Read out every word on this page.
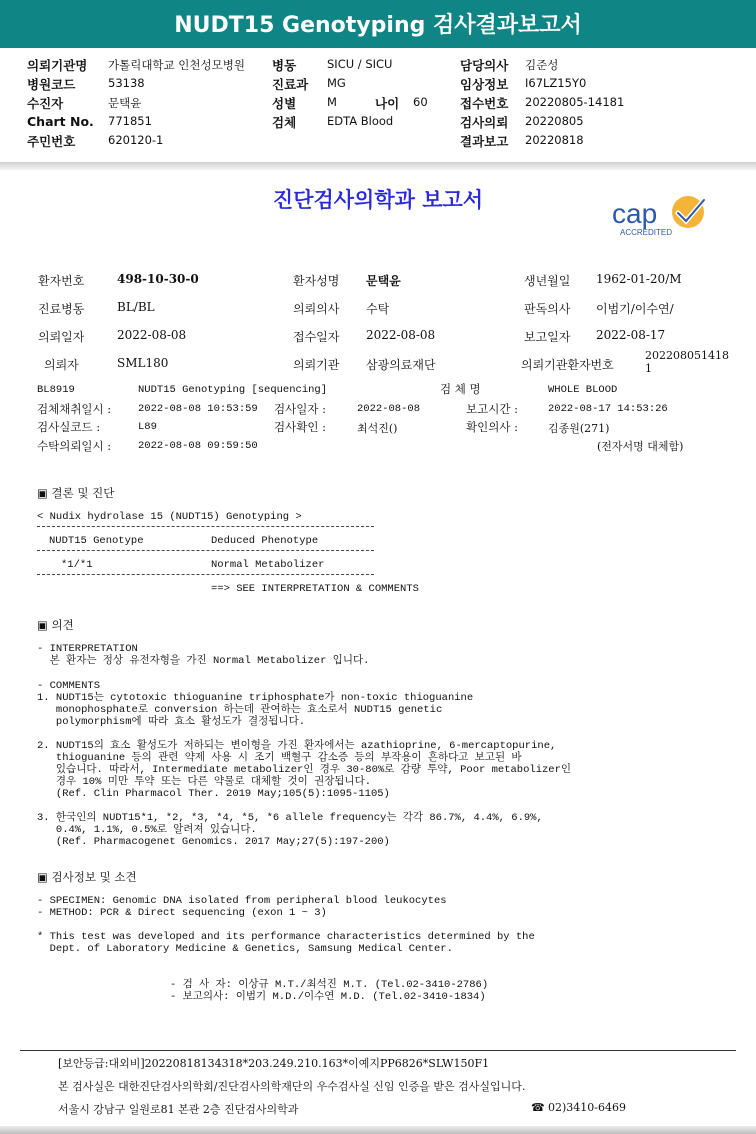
NUDT15 Genotyping 검사결과보고서
의뢰기관명 가톨릭대학교 인천성모병원
병원코드	53138
수진자	문택윤
Chart No. 771851
주민번호	620120-1
병동	SICU / SICU
진료과 MG
성별	M	나이 60
검체	EDTA Blood
담당의사 김준성
임상정보 I67LZ15Y0
접수번호 20220805-14181
검사의뢰 20220805
결과보고 20220818
진단검사의학과 보고서	cap
ACCREDITED
환자번호	498-10-30-0	환자성명 문택윤	생년월일 1962-01-20/M
진료병동	BL/BL	의뢰의사 수탁	판독의사 이범기/이수연/
의뢰일자	2022-08-08	접수일자 2022-08-08	보고일자 2022-08-17
의뢰자	SML180	의뢰기관 삼광의료재단	의뢰기관환자번호
202208051418
1
BL8919	NUDT15 Genotyping [sequencing]	검 체 명	WHOLE BLOOD
검체채취일시 :	2022-08-08 10:53:59 검사일자 :	2022-08-08	보고시간 :	2022-08-17 14:53:26
검사실코드 :	L89	검사확인 :	최석진()	확인의사 :	김종원(271)
수탁의뢰일시 :	2022-08-08 09:59:50	(전자서명 대체함)
▣ 결론 및 진단
< Nudix hydrolase 15 (NUDT15) Genotyping >
NUDT15 Genotype	Deduced Phenotype
*1/*1	Normal Metabolizer
==> SEE INTERPRETATION & COMMENTS
▣ 의견
- INTERPRETATION
본 환자는 정상 유전자형을 가진 Normal Metabolizer 입니다.
- COMMENTS
1. NUDT15는 cytotoxic thioguanine triphosphate가 non-toxic thioguanine
monophosphate로 conversion 하는데 관여하는 효소로서 NUDT15 genetic
polymorphism에 따라 효소 활성도가 결정됩니다.
2. NUDT15의 효소 활성도가 저하되는 변이형을 가진 환자에서는 azathioprine, 6-mercaptopurine,
thioguanine 등의 관련 약제 사용 시 조기 백혈구 감소증 등의 부작용이 흔하다고 보고된 바
있습니다. 따라서, Intermediate metabolizer인 경우 30-80%로 감량 투약, Poor metabolizer인
경우 10% 미만 투약 또는 다른 약물로 대체할 것이 권장됩니다.
(Ref. Clin Pharmacol Ther. 2019 May;105(5):1095-1105)
3. 한국인의 NUDT15*1, *2, *3, *4, *5, *6 allele frequency는 각각 86.7%, 4.4%, 6.9%,
0.4%, 1.1%, 0.5%로 알려져 있습니다.
(Ref. Pharmacogenet Genomics. 2017 May;27(5):197-200)
▣ 검사정보 및 소견
- SPECIMEN: Genomic DNA isolated from peripheral blood leukocytes
- METHOD: PCR & Direct sequencing (exon 1 ~ 3)
* This test was developed and its performance characteristics determined by the
Dept. of Laboratory Medicine & Genetics, Samsung Medical Center.
- 검 사 자: 이상규 M.T./최석진 M.T. (Tel.02-3410-2786)
- 보고의사: 이범기 M.D./이수연 M.D. (Tel.02-3410-1834)
[보안등급:대외비]20220818134318*203.249.210.163*이예지PP6826*SLW150F1
본 검사실은 대한진단검사의학회/진단검사의학재단의 우수검사실 신임 인증을 받은 검사실입니다.
서울시 강남구 일원로81 본관 2층 진단검사의학과	☎ 02)3410-6469
